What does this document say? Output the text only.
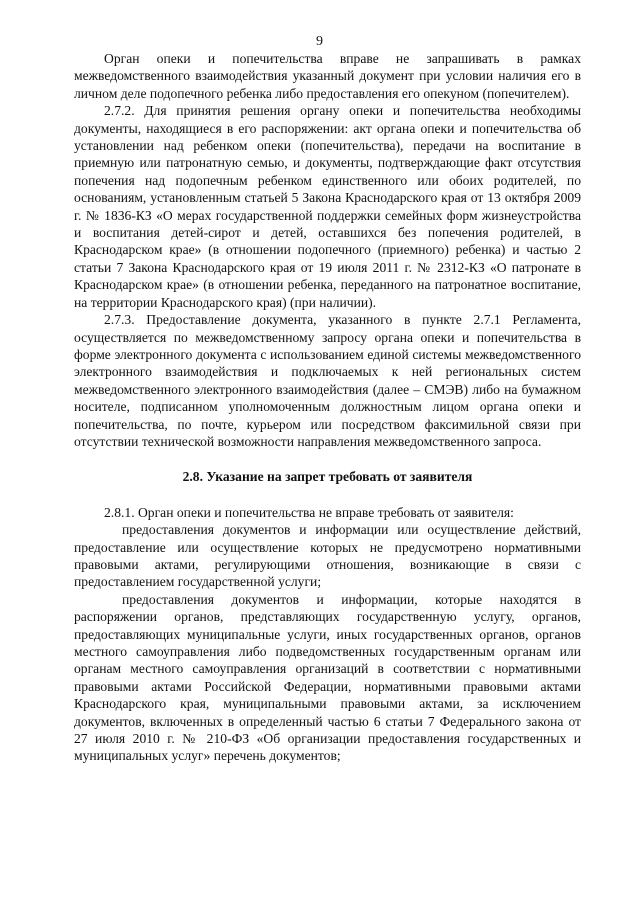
9

Орган опеки и попечительства вправе не запрашивать в рамках межведомственного взаимодействия указанный документ при условии наличия его в личном деле подопечного ребенка либо предоставления его опекуном (попечителем).

2.7.2. Для принятия решения органу опеки и попечительства необходимы документы, находящиеся в его распоряжении: акт органа опеки и попечительства об установлении над ребенком опеки (попечительства), передачи на воспитание в приемную или патронатную семью, и документы, подтверждающие факт отсутствия попечения над подопечным ребенком единственного или обоих родителей, по основаниям, установленным статьей 5 Закона Краснодарского края от 13 октября 2009 г. № 1836-КЗ «О мерах государственной поддержки семейных форм жизнеустройства и воспитания детей-сирот и детей, оставшихся без попечения родителей, в Краснодарском крае» (в отношении подопечного (приемного) ребенка) и частью 2 статьи 7 Закона Краснодарского края от 19 июля 2011 г. № 2312-КЗ «О патронате в Краснодарском крае» (в отношении ребенка, переданного на патронатное воспитание, на территории Краснодарского края) (при наличии).

2.7.3. Предоставление документа, указанного в пункте 2.7.1 Регламента, осуществляется по межведомственному запросу органа опеки и попечительства в форме электронного документа с использованием единой системы межведомственного электронного взаимодействия и подключаемых к ней региональных систем межведомственного электронного взаимодействия (далее – СМЭВ) либо на бумажном носителе, подписанном уполномоченным должностным лицом органа опеки и попечительства, по почте, курьером или посредством факсимильной связи при отсутствии технической возможности направления межведомственного запроса.

2.8. Указание на запрет требовать от заявителя

2.8.1. Орган опеки и попечительства не вправе требовать от заявителя:

предоставления документов и информации или осуществление действий, предоставление или осуществление которых не предусмотрено нормативными правовыми актами, регулирующими отношения, возникающие в связи с предоставлением государственной услуги;

предоставления документов и информации, которые находятся в распоряжении органов, представляющих государственную услугу, органов, предоставляющих муниципальные услуги, иных государственных органов, органов местного самоуправления либо подведомственных государственным органам или органам местного самоуправления организаций в соответствии с нормативными правовыми актами Российской Федерации, нормативными правовыми актами Краснодарского края, муниципальными правовыми актами, за исключением документов, включенных в определенный частью 6 статьи 7 Федерального закона от 27 июля 2010 г. № 210-ФЗ «Об организации предоставления государственных и муниципальных услуг» перечень документов;
